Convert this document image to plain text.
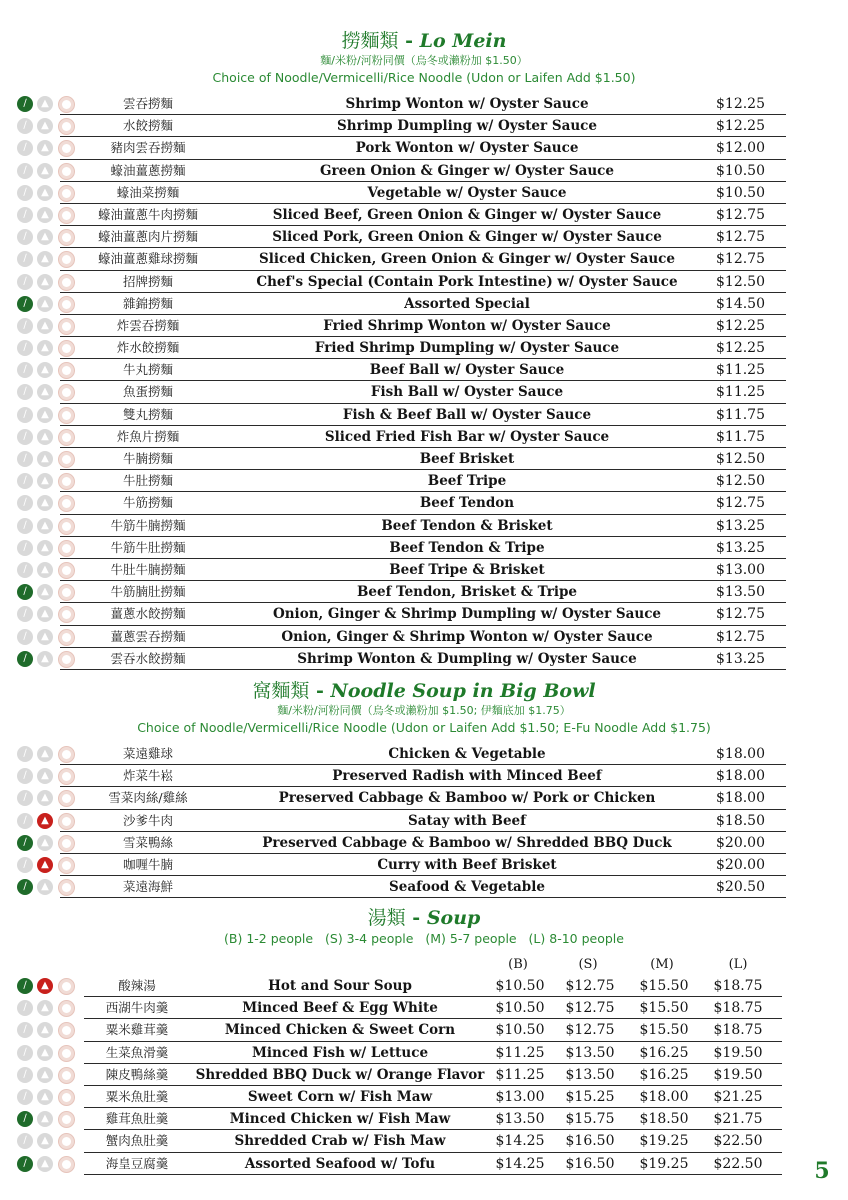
撈麵類 - Lo Mein
麵/米粉/河粉同價（烏冬或瀨粉加 $1.50）
Choice of Noodle/Vermicelli/Rice Noodle (Udon or Laifen Add $1.50)
∕	▲	雲吞撈麵	Shrimp Wonton w/ Oyster Sauce	$12.25
∕	▲	水餃撈麵	Shrimp Dumpling w/ Oyster Sauce	$12.25
∕	▲	豬肉雲吞撈麵	Pork Wonton w/ Oyster Sauce	$12.00
∕	▲	蠔油薑蔥撈麵	Green Onion & Ginger w/ Oyster Sauce	$10.50
∕	▲	蠔油菜撈麵	Vegetable w/ Oyster Sauce	$10.50
∕	▲	蠔油薑蔥牛肉撈麵	Sliced Beef, Green Onion & Ginger w/ Oyster Sauce	$12.75
∕	▲	蠔油薑蔥肉片撈麵	Sliced Pork, Green Onion & Ginger w/ Oyster Sauce	$12.75
∕	▲	蠔油薑蔥雞球撈麵	Sliced Chicken, Green Onion & Ginger w/ Oyster Sauce	$12.75
∕	▲	招牌撈麵	Chef's Special (Contain Pork Intestine) w/ Oyster Sauce	$12.50
∕	▲	雜錦撈麵	Assorted Special	$14.50
∕	▲	炸雲吞撈麵	Fried Shrimp Wonton w/ Oyster Sauce	$12.25
∕	▲	炸水餃撈麵	Fried Shrimp Dumpling w/ Oyster Sauce	$12.25
∕	▲	牛丸撈麵	Beef Ball w/ Oyster Sauce	$11.25
∕	▲	魚蛋撈麵	Fish Ball w/ Oyster Sauce	$11.25
∕	▲	雙丸撈麵	Fish & Beef Ball w/ Oyster Sauce	$11.75
∕	▲	炸魚片撈麵	Sliced Fried Fish Bar w/ Oyster Sauce	$11.75
∕	▲	牛腩撈麵	Beef Brisket	$12.50
∕	▲	牛肚撈麵	Beef Tripe	$12.50
∕	▲	牛筋撈麵	Beef Tendon	$12.75
∕	▲	牛筋牛腩撈麵	Beef Tendon & Brisket	$13.25
∕	▲	牛筋牛肚撈麵	Beef Tendon & Tripe	$13.25
∕	▲	牛肚牛腩撈麵	Beef Tripe & Brisket	$13.00
∕	▲	牛筋腩肚撈麵	Beef Tendon, Brisket & Tripe	$13.50
∕	▲	薑蔥水餃撈麵	Onion, Ginger & Shrimp Dumpling w/ Oyster Sauce	$12.75
∕	▲	薑蔥雲吞撈麵	Onion, Ginger & Shrimp Wonton w/ Oyster Sauce	$12.75
∕	▲	雲吞水餃撈麵	Shrimp Wonton & Dumpling w/ Oyster Sauce	$13.25
窩麵類 - Noodle Soup in Big Bowl
麵/米粉/河粉同價（烏冬或瀨粉加 $1.50; 伊麵底加 $1.75）
Choice of Noodle/Vermicelli/Rice Noodle (Udon or Laifen Add $1.50; E-Fu Noodle Add $1.75)
∕	▲	菜遠雞球	Chicken & Vegetable	$18.00
∕	▲	炸菜牛崧	Preserved Radish with Minced Beef	$18.00
∕	▲	雪菜肉絲/雞絲	Preserved Cabbage & Bamboo w/ Pork or Chicken	$18.00
∕	▲	沙爹牛肉	Satay with Beef	$18.50
∕	▲	雪菜鴨絲	Preserved Cabbage & Bamboo w/ Shredded BBQ Duck	$20.00
∕	▲	咖喱牛腩	Curry with Beef Brisket	$20.00
∕	▲	菜遠海鮮	Seafood & Vegetable	$20.50
湯類 - Soup
(B) 1-2 people   (S) 3-4 people   (M) 5-7 people   (L) 8-10 people
(B)	(S)	(M)	(L)
∕	▲	酸辣湯	Hot and Sour Soup	$10.50	$12.75	$15.50	$18.75
∕	▲	西湖牛肉羹	Minced Beef & Egg White	$10.50	$12.75	$15.50	$18.75
∕	▲	粟米雞茸羹	Minced Chicken & Sweet Corn	$10.50	$12.75	$15.50	$18.75
∕	▲	生菜魚滑羹	Minced Fish w/ Lettuce	$11.25	$13.50	$16.25	$19.50
∕	▲	陳皮鴨絲羹	Shredded BBQ Duck w/ Orange Flavor $11.25	$13.50	$16.25	$19.50
∕	▲	粟米魚肚羹	Sweet Corn w/ Fish Maw	$13.00	$15.25	$18.00	$21.25
∕	▲	雞茸魚肚羹	Minced Chicken w/ Fish Maw	$13.50	$15.75	$18.50	$21.75
∕	▲	蟹肉魚肚羹	Shredded Crab w/ Fish Maw	$14.25	$16.50	$19.25	$22.50
∕	▲	海皇豆腐羹	Assorted Seafood w/ Tofu	$14.25	$16.50	$19.25	$22.50	5
